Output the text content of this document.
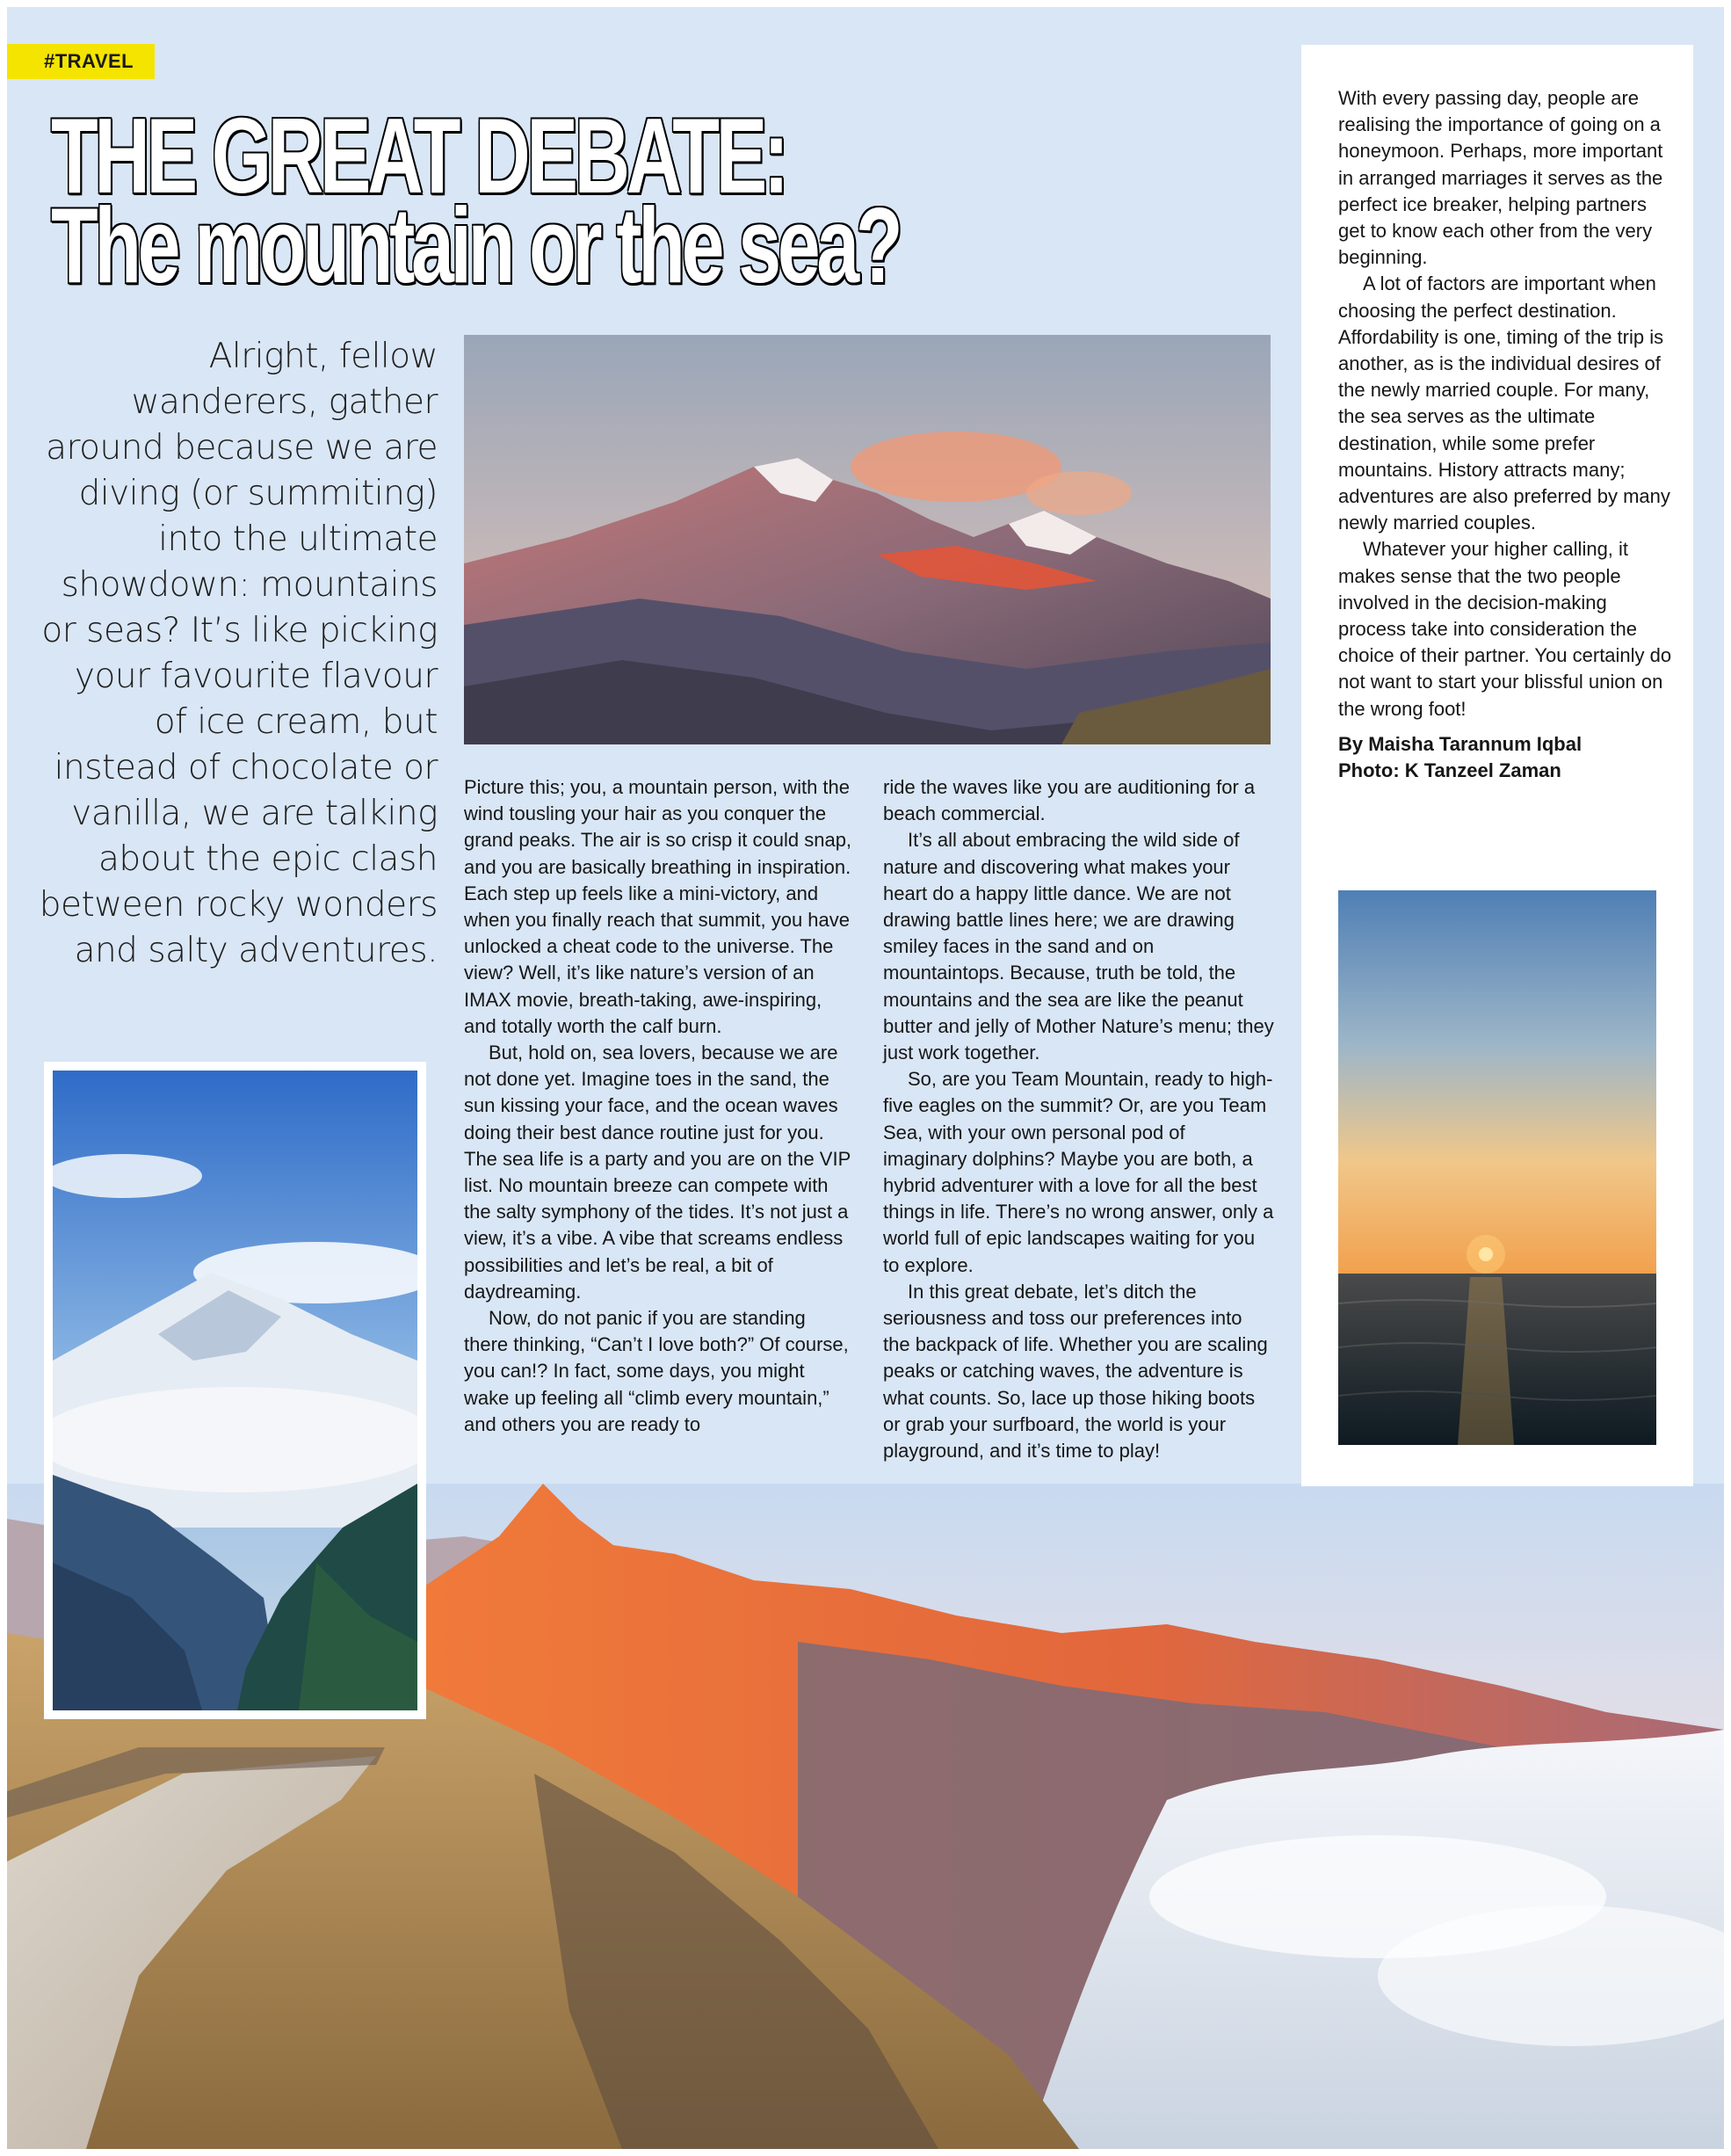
#TRAVEL
THE GREAT DEBATE:
The mountain or the sea?
Alright, fellow wanderers, gather around because we are diving (or summiting) into the ultimate showdown: mountains or seas? It’s like picking your favourite flavour of ice cream, but instead of chocolate or vanilla, we are talking about the epic clash between rocky wonders and salty adventures.

Picture this; you, a mountain person, with the wind tousling your hair as you conquer the grand peaks. The air is so crisp it could snap, and you are basically breathing in inspiration. Each step up feels like a mini-victory, and when you finally reach that summit, you have unlocked a cheat code to the universe. The view? Well, it’s like nature’s version of an IMAX movie, breath-taking, awe-inspiring, and totally worth the calf burn.

But, hold on, sea lovers, because we are not done yet. Imagine toes in the sand, the sun kissing your face, and the ocean waves doing their best dance routine just for you. The sea life is a party and you are on the VIP list. No mountain breeze can compete with the salty symphony of the tides. It’s not just a view, it’s a vibe. A vibe that screams endless possibilities and let’s be real, a bit of daydreaming.

Now, do not panic if you are standing there thinking, “Can’t I love both?” Of course, you can!? In fact, some days, you might wake up feeling all “climb every mountain,” and others you are ready to

ride the waves like you are auditioning for a beach commercial.

It’s all about embracing the wild side of nature and discovering what makes your heart do a happy little dance. We are not drawing battle lines here; we are drawing smiley faces in the sand and on mountaintops. Because, truth be told, the mountains and the sea are like the peanut butter and jelly of Mother Nature’s menu; they just work together.

So, are you Team Mountain, ready to high-five eagles on the summit? Or, are you Team Sea, with your own personal pod of imaginary dolphins? Maybe you are both, a hybrid adventurer with a love for all the best things in life. There’s no wrong answer, only a world full of epic landscapes waiting for you to explore.

In this great debate, let’s ditch the seriousness and toss our preferences into the backpack of life. Whether you are scaling peaks or catching waves, the adventure is what counts. So, lace up those hiking boots or grab your surfboard, the world is your playground, and it’s time to play!

With every passing day, people are realising the importance of going on a honeymoon. Perhaps, more important in arranged marriages it serves as the perfect ice breaker, helping partners get to know each other from the very beginning.

A lot of factors are important when choosing the perfect destination. Affordability is one, timing of the trip is another, as is the individual desires of the newly married couple. For many, the sea serves as the ultimate destination, while some prefer mountains. History attracts many; adventures are also preferred by many newly married couples.

Whatever your higher calling, it makes sense that the two people involved in the decision-making process take into consideration the choice of their partner. You certainly do not want to start your blissful union on the wrong foot!

By Maisha Tarannum Iqbal
Photo: K Tanzeel Zaman
